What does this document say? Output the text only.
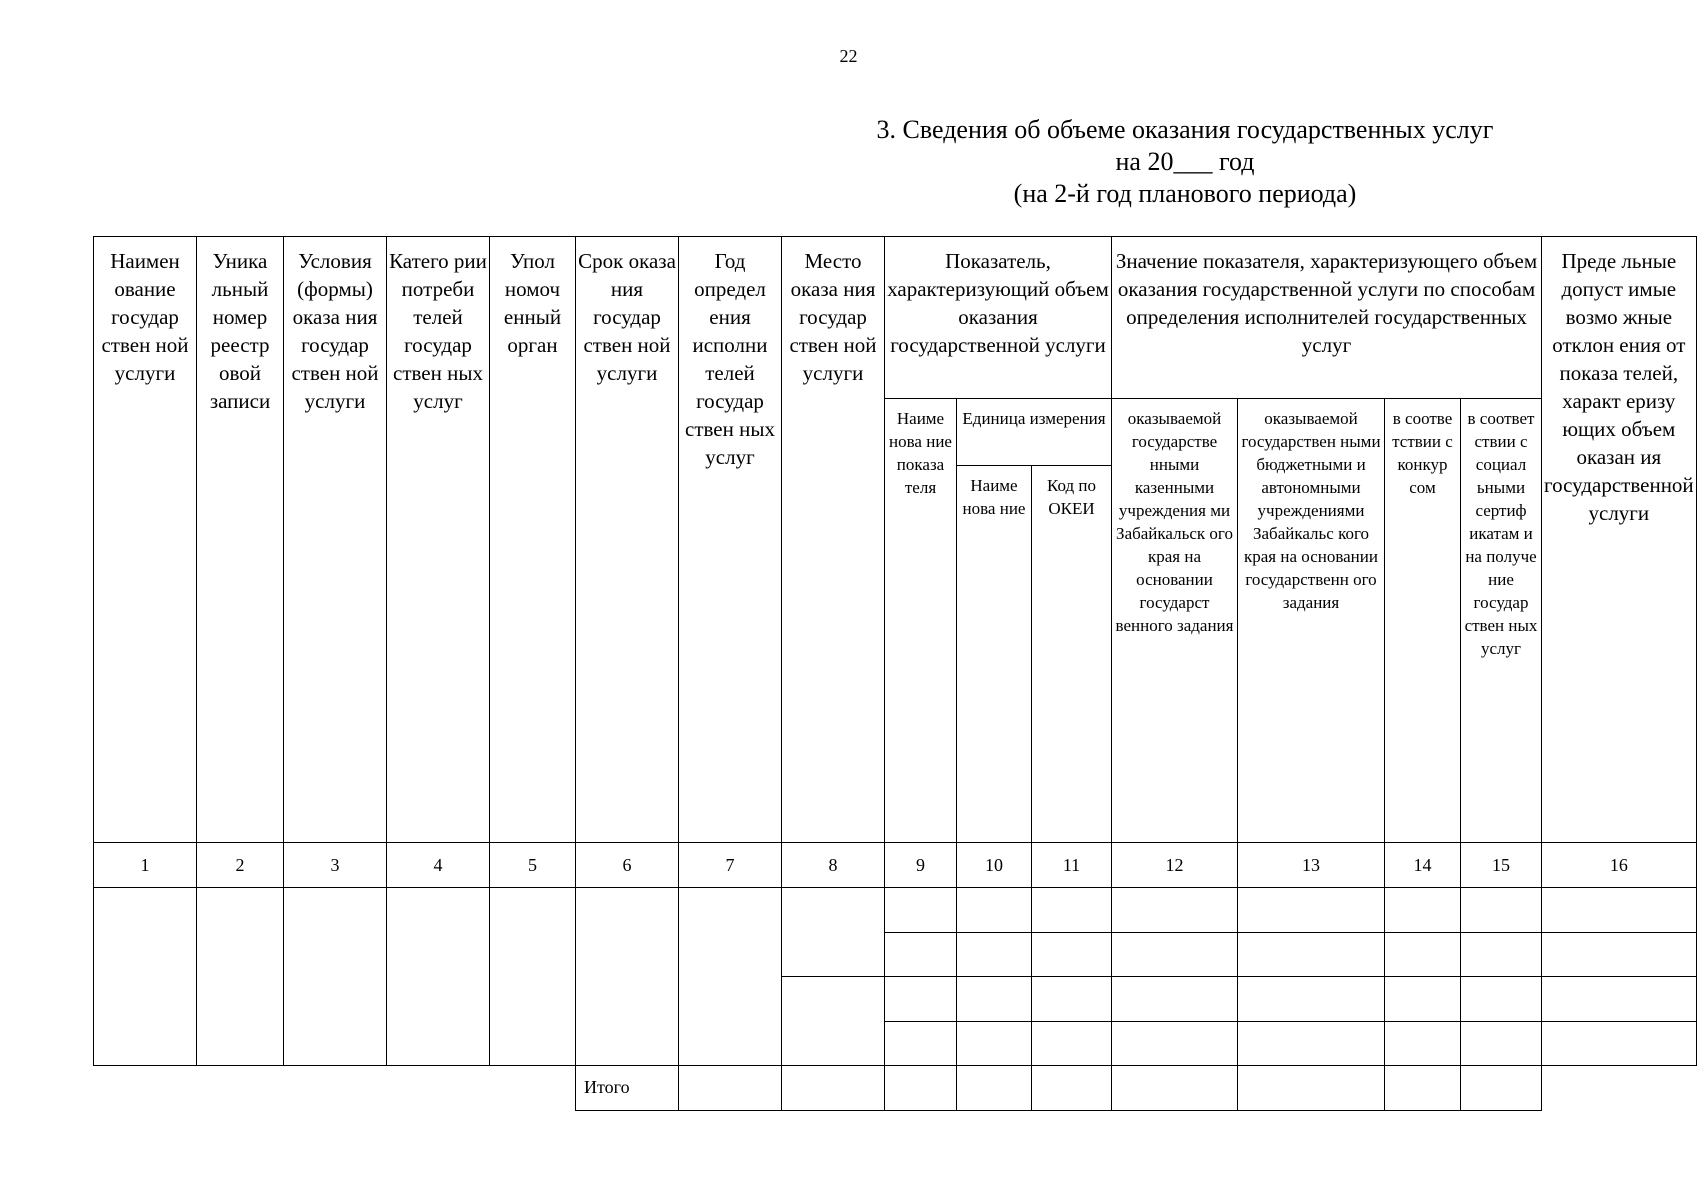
22
3. Сведения об объеме оказания государственных услуг
на 20___ год
(на 2-й год планового периода)
Наимен ование государ ствен ной услуги	Уника льный номер реестр овой записи	Условия (формы) оказа ния государ ствен ной услуги	Катего рии потреби телей государ ствен ных услуг	Упол номоч енный орган	Срок оказа ния государ ствен ной услуги	Год определ ения исполни телей государ ствен ных услуг	Место оказа ния государ ствен ной услуги	Показатель, характеризующий объем оказания государственной услуги			Значение показателя, характеризующего объем оказания государственной услуги по способам определения исполнителей государственных услуг				Преде льные допуст имые возмо жные отклон ения от показа телей, характ еризу ющих объем оказан ия государственной услуги
								Наиме нова ние показа теля	Единица измерения		оказываемой государстве нными казенными учреждения ми Забайкальск ого края на основании государст венного задания	оказываемой государствен ными бюджетными и автономными учреждениями Забайкальс кого края на основании государственн ого задания	в соотве тствии с конкур сом	в соответ ствии с социал ьными сертиф икатам и на получе ние государ ствен ных услуг	
									Наиме нова ние	Код по ОКЕИ					
1	2	3	4	5	6	7	8	9	10	11	12	13	14	15	16

					Итого										
